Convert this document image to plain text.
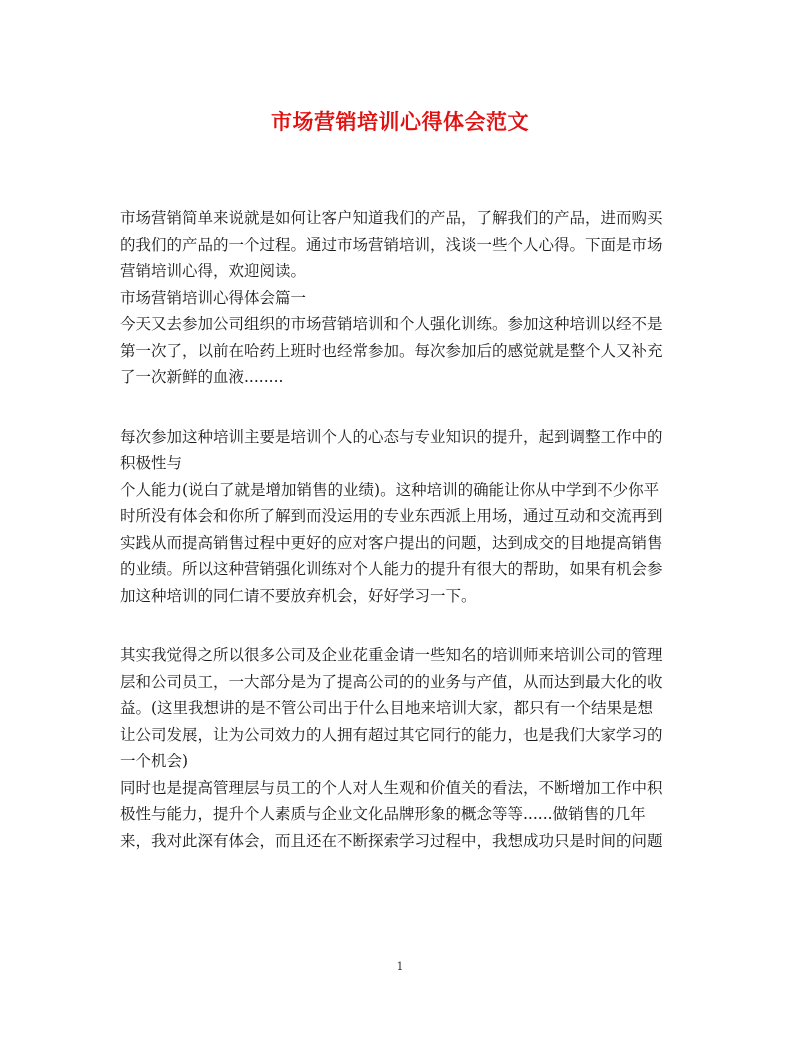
市场营销培训心得体会范文
市场营销简单来说就是如何让客户知道我们的产品，了解我们的产品，进而购买
的我们的产品的一个过程。通过市场营销培训，浅谈一些个人心得。下面是市场
营销培训心得，欢迎阅读。
市场营销培训心得体会篇一
今天又去参加公司组织的市场营销培训和个人强化训练。参加这种培训以经不是
第一次了，以前在哈药上班时也经常参加。每次参加后的感觉就是整个人又补充
了一次新鲜的血液........
每次参加这种培训主要是培训个人的心态与专业知识的提升，起到调整工作中的
积极性与
个人能力(说白了就是增加销售的业绩)。这种培训的确能让你从中学到不少你平
时所没有体会和你所了解到而没运用的专业东西派上用场，通过互动和交流再到
实践从而提高销售过程中更好的应对客户提出的问题，达到成交的目地提高销售
的业绩。所以这种营销强化训练对个人能力的提升有很大的帮助，如果有机会参
加这种培训的同仁请不要放弃机会，好好学习一下。
其实我觉得之所以很多公司及企业花重金请一些知名的培训师来培训公司的管理
层和公司员工，一大部分是为了提高公司的的业务与产值，从而达到最大化的收
益。(这里我想讲的是不管公司出于什么目地来培训大家，都只有一个结果是想
让公司发展，让为公司效力的人拥有超过其它同行的能力，也是我们大家学习的
一个机会)
同时也是提高管理层与员工的个人对人生观和价值关的看法，不断增加工作中积
极性与能力，提升个人素质与企业文化品牌形象的概念等等......做销售的几年
来，我对此深有体会，而且还在不断探索学习过程中，我想成功只是时间的问题
1
